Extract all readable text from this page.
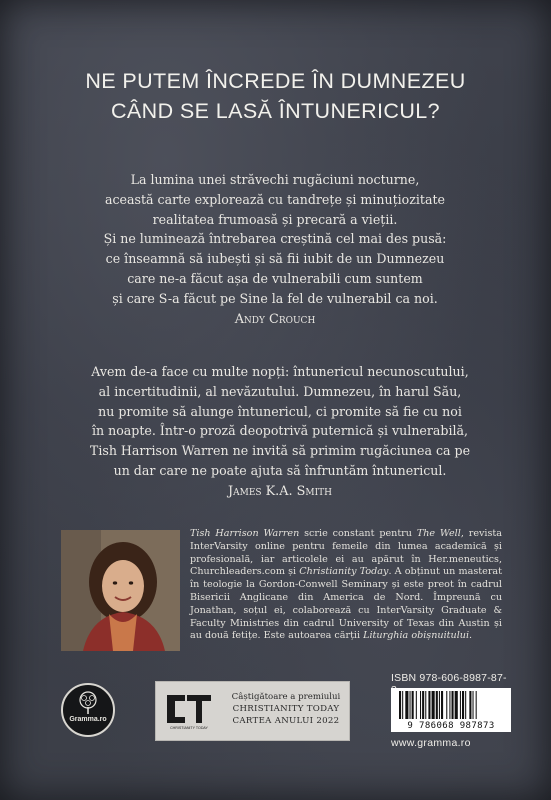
NE PUTEM ÎNCREDE ÎN DUMNEZEU
CÂND SE LASĂ ÎNTUNERICUL?
La lumina unei străvechi rugăciuni nocturne,
această carte explorează cu tandrețe și minuțiozitate
realitatea frumoasă și precară a vieții.
Și ne luminează întrebarea creștină cel mai des pusă:
ce înseamnă să iubești și să fii iubit de un Dumnezeu
care ne-a făcut așa de vulnerabili cum suntem
și care S-a făcut pe Sine la fel de vulnerabil ca noi.
Andy Crouch
Avem de-a face cu multe nopți: întunericul necunoscutului,
al incertitudinii, al nevăzutului. Dumnezeu, în harul Său,
nu promite să alunge întunericul, ci promite să fie cu noi
în noapte. Într-o proză deopotrivă puternică și vulnerabilă,
Tish Harrison Warren ne invită să primim rugăciunea ca pe
un dar care ne poate ajuta să înfruntăm întunericul.
James K.A. Smith
Tish Harrison Warren scrie constant pentru The Well, revista InterVarsity online pentru femeile din lumea academică și profesională, iar articolele ei au apărut în Her.meneutics, Churchleaders.com și Christianity Today. A obținut un masterat în teologie la Gordon-Conwell Seminary și este preot în cadrul Bisericii Anglicane din America de Nord. Împreună cu Jonathan, soțul ei, colaborează cu InterVarsity Graduate & Faculty Ministries din cadrul University of Texas din Austin și au două fetițe. Este autoarea cărții Liturghia obișnuitului.
Gramma.ro
CHRISTIANITY TODAY
Câștigătoare a premiului
CHRISTIANITY TODAY
CARTEA ANULUI 2022
ISBN 978-606-8987-87-
9 786068 987873
www.gramma.ro
